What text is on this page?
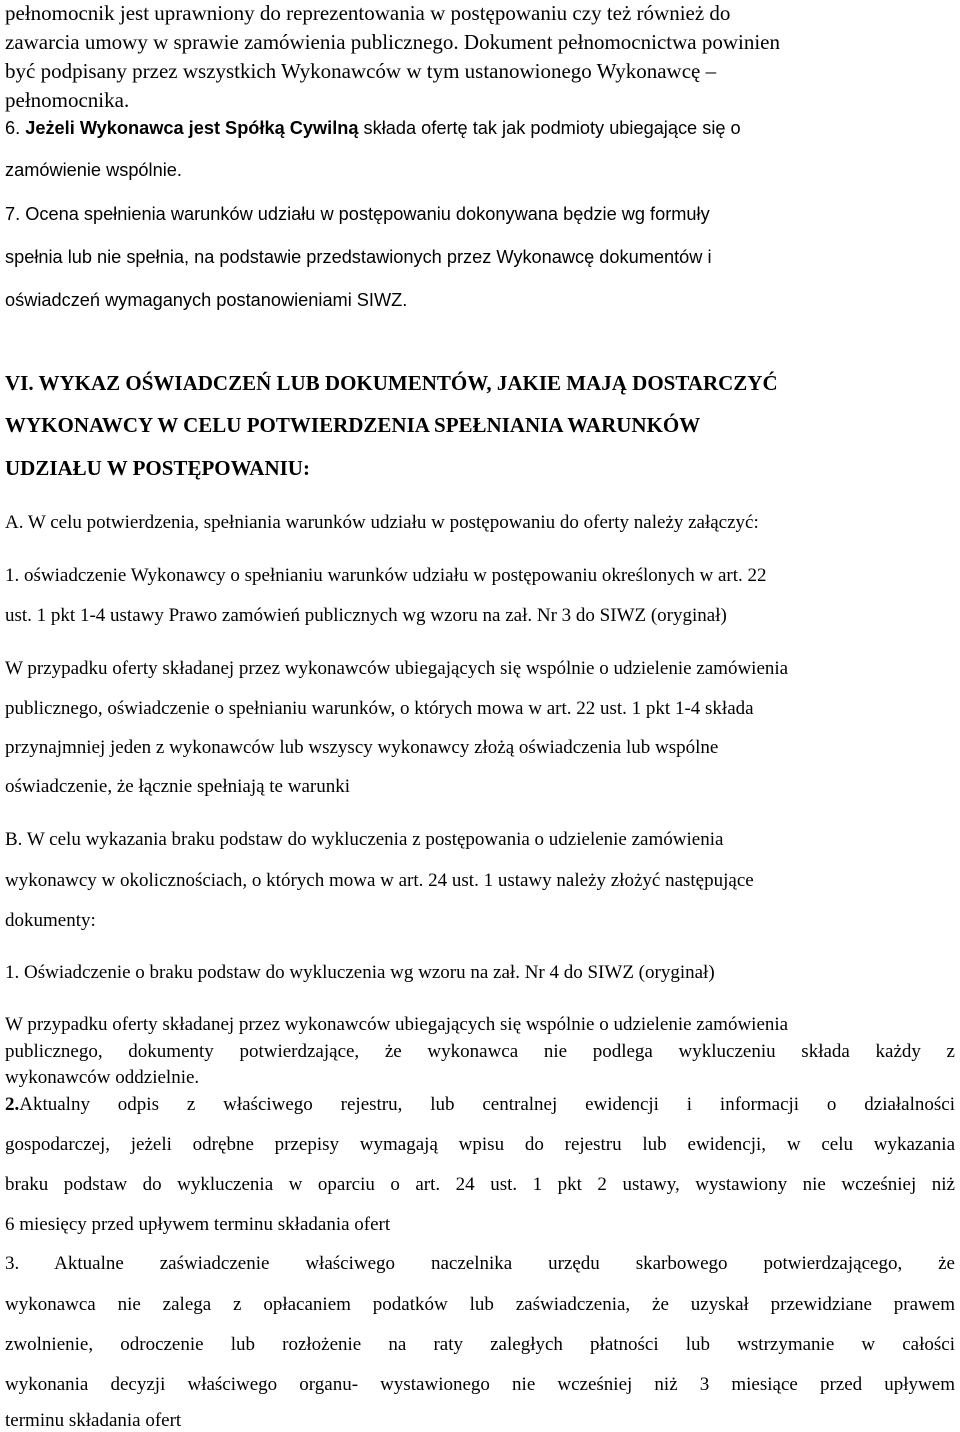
pełnomocnik jest uprawniony do reprezentowania w postępowaniu czy też również do
zawarcia umowy w sprawie zamówienia publicznego. Dokument pełnomocnictwa powinien
być podpisany przez wszystkich Wykonawców w tym ustanowionego Wykonawcę –
pełnomocnika.
6. Jeżeli Wykonawca jest Spółką Cywilną składa ofertę tak jak podmioty ubiegające się o
zamówienie wspólnie.
7. Ocena spełnienia warunków udziału w postępowaniu dokonywana będzie wg formuły
spełnia lub nie spełnia, na podstawie przedstawionych przez Wykonawcę dokumentów i
oświadczeń wymaganych postanowieniami SIWZ.
VI. WYKAZ OŚWIADCZEŃ LUB DOKUMENTÓW, JAKIE MAJĄ DOSTARCZYĆ
WYKONAWCY W CELU POTWIERDZENIA SPEŁNIANIA WARUNKÓW
UDZIAŁU W POSTĘPOWANIU:
A. W celu potwierdzenia, spełniania warunków udziału w postępowaniu do oferty należy załączyć:
1. oświadczenie Wykonawcy o spełnianiu warunków udziału w postępowaniu określonych w art. 22
ust. 1 pkt 1-4 ustawy Prawo zamówień publicznych wg wzoru na zał. Nr 3 do SIWZ (oryginał)
W przypadku oferty składanej przez wykonawców ubiegających się wspólnie o udzielenie zamówienia
publicznego, oświadczenie o spełnianiu warunków, o których mowa w art. 22 ust. 1 pkt 1-4 składa
przynajmniej jeden z wykonawców lub wszyscy wykonawcy złożą oświadczenia lub wspólne
oświadczenie, że łącznie spełniają te warunki
B. W celu wykazania braku podstaw do wykluczenia z postępowania o udzielenie zamówienia
wykonawcy w okolicznościach, o których mowa w art. 24 ust. 1 ustawy należy złożyć następujące
dokumenty:
1. Oświadczenie o braku podstaw do wykluczenia wg wzoru na zał. Nr 4 do SIWZ (oryginał)
W przypadku oferty składanej przez wykonawców ubiegających się wspólnie o udzielenie zamówienia
publicznego, dokumenty potwierdzające, że wykonawca nie podlega wykluczeniu składa każdy z
wykonawców oddzielnie.
2.Aktualny odpis z właściwego rejestru, lub centralnej ewidencji i informacji o działalności
gospodarczej, jeżeli odrębne przepisy wymagają wpisu do rejestru lub ewidencji, w celu wykazania
braku podstaw do wykluczenia w oparciu o art. 24 ust. 1 pkt 2 ustawy, wystawiony nie wcześniej niż
6 miesięcy przed upływem terminu składania ofert
3. Aktualne zaświadczenie właściwego naczelnika urzędu skarbowego potwierdzającego, że
wykonawca nie zalega z opłacaniem podatków lub zaświadczenia, że uzyskał przewidziane prawem
zwolnienie, odroczenie lub rozłożenie na raty zaległych płatności lub wstrzymanie w całości
wykonania decyzji właściwego organu- wystawionego nie wcześniej niż 3 miesiące przed upływem
terminu składania ofert
